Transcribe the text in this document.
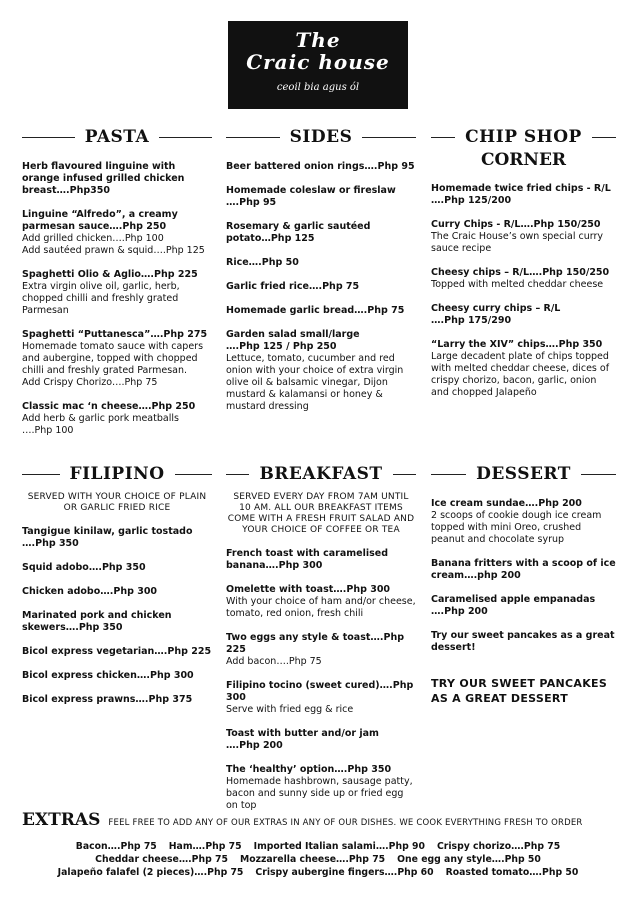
The
Craic house
ceoil bia agus ól
PASTA
Herb flavoured linguine with orange infused grilled chicken breast….Php350
Linguine “Alfredo”, a creamy parmesan sauce….Php 250
Add grilled chicken….Php 100
Add sautéed prawn & squid….Php 125
Spaghetti Olio & Aglio….Php 225
Extra virgin olive oil, garlic, herb, chopped chilli and freshly grated Parmesan
Spaghetti “Puttanesca”….Php 275
Homemade tomato sauce with capers and aubergine, topped with chopped chilli and freshly grated Parmesan.
Add Crispy Chorizo….Php 75
Classic mac ‘n cheese….Php 250
Add herb & garlic pork meatballs
….Php 100
SIDES
Beer battered onion rings….Php 95
Homemade coleslaw or fireslaw
….Php 95
Rosemary & garlic sautéed potato…Php 125
Rice….Php 50
Garlic fried rice….Php 75
Homemade garlic bread….Php 75
Garden salad small/large
….Php 125 / Php 250
Lettuce, tomato, cucumber and red onion with your choice of extra virgin olive oil & balsamic vinegar, Dijon mustard & kalamansi or honey & mustard dressing
CHIP SHOP
CORNER
Homemade twice fried chips - R/L
….Php 125/200
Curry Chips - R/L….Php 150/250
The Craic House’s own special curry sauce recipe
Cheesy chips – R/L….Php 150/250
Topped with melted cheddar cheese
Cheesy curry chips – R/L
….Php 175/290
“Larry the XIV” chips….Php 350
Large decadent plate of chips topped with melted cheddar cheese, dices of crispy chorizo, bacon, garlic, onion and chopped Jalapeño
FILIPINO
SERVED WITH YOUR CHOICE OF PLAIN OR GARLIC FRIED RICE
Tangigue kinilaw, garlic tostado
….Php 350
Squid adobo….Php 350
Chicken adobo….Php 300
Marinated pork and chicken skewers….Php 350
Bicol express vegetarian….Php 225
Bicol express chicken….Php 300
Bicol express prawns….Php 375
BREAKFAST
SERVED EVERY DAY FROM 7AM UNTIL 10 AM. ALL OUR BREAKFAST ITEMS COME WITH A FRESH FRUIT SALAD AND YOUR CHOICE OF COFFEE OR TEA
French toast with caramelised banana….Php 300
Omelette with toast….Php 300
With your choice of ham and/or cheese, tomato, red onion, fresh chili
Two eggs any style & toast….Php 225
Add bacon….Php 75
Filipino tocino (sweet cured)….Php 300
Serve with fried egg & rice
Toast with butter and/or jam
….Php 200
The ‘healthy’ option….Php 350
Homemade hashbrown, sausage patty, bacon and sunny side up or fried egg on top
DESSERT
Ice cream sundae….Php 200
2 scoops of cookie dough ice cream topped with mini Oreo, crushed peanut and chocolate syrup
Banana fritters with a scoop of ice cream….php 200
Caramelised apple empanadas
….Php 200
Try our sweet pancakes as a great dessert!
TRY OUR SWEET PANCAKES AS A GREAT DESSERT
EXTRAS FEEL FREE TO ADD ANY OF OUR EXTRAS IN ANY OF OUR DISHES. WE COOK EVERYTHING FRESH TO ORDER
Bacon….Php 75 Ham….Php 75 Imported Italian salami….Php 90 Crispy chorizo….Php 75
Cheddar cheese….Php 75 Mozzarella cheese….Php 75 One egg any style….Php 50
Jalapeño falafel (2 pieces)….Php 75 Crispy aubergine fingers….Php 60 Roasted tomato….Php 50
